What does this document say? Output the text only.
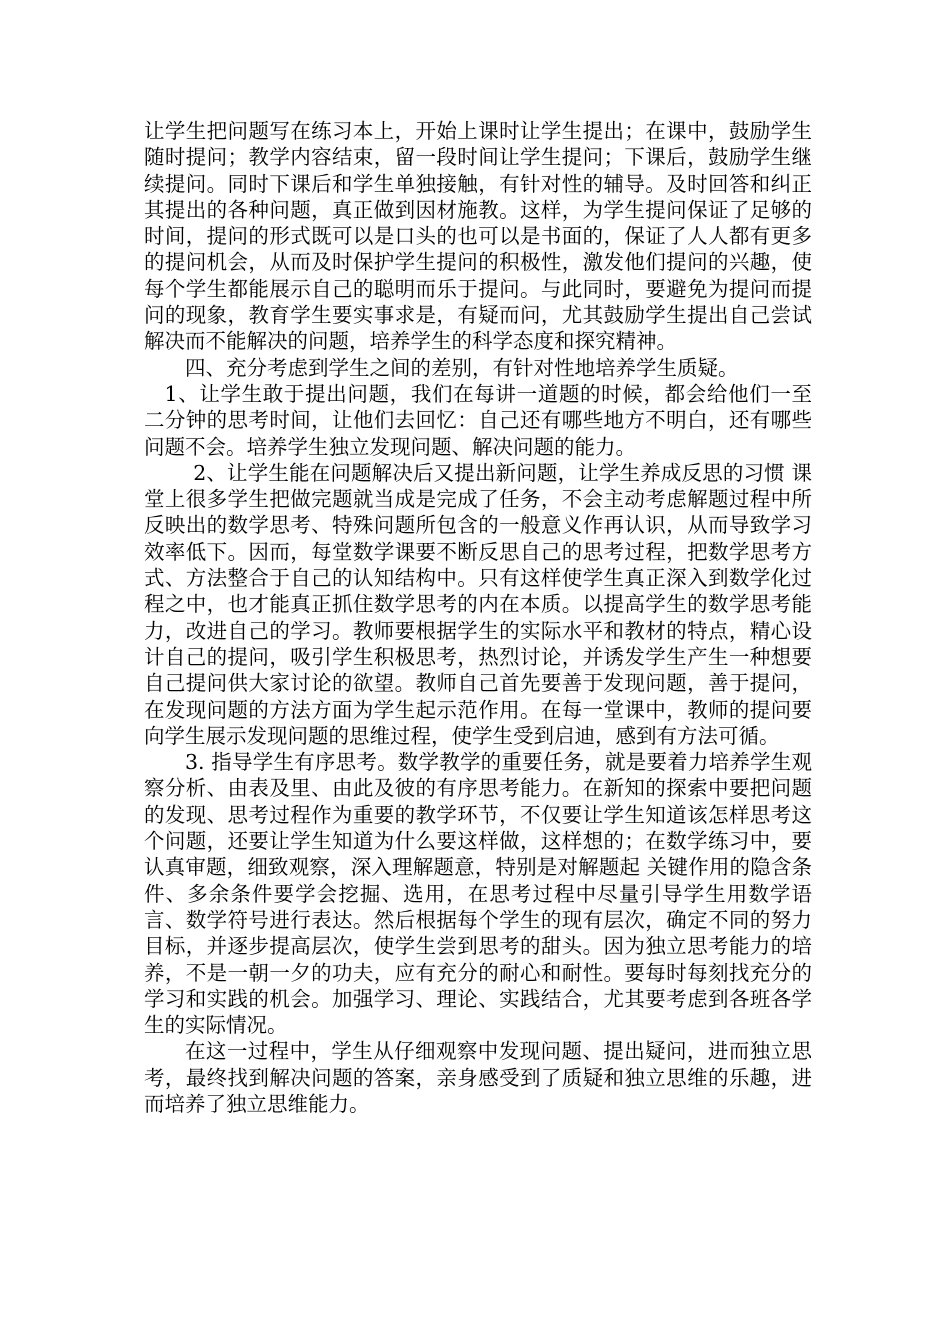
让学生把问题写在练习本上，开始上课时让学生提出；在课中，鼓励学生随时提问；教学内容结束，留一段时间让学生提问；下课后，鼓励学生继续提问。同时下课后和学生单独接触，有针对性的辅导。及时回答和纠正其提出的各种问题，真正做到因材施教。这样，为学生提问保证了足够的时间，提问的形式既可以是口头的也可以是书面的，保证了人人都有更多的提问机会，从而及时保护学生提问的积极性，激发他们提问的兴趣，使每个学生都能展示自己的聪明而乐于提问。与此同时，要避免为提问而提问的现象，教育学生要实事求是，有疑而问，尤其鼓励学生提出自己尝试解决而不能解决的问题，培养学生的科学态度和探究精神。

四、充分考虑到学生之间的差别，有针对性地培养学生质疑。

1、让学生敢于提出问题，我们在每讲一道题的时候，都会给他们一至二分钟的思考时间，让他们去回忆：自己还有哪些地方不明白，还有哪些问题不会。培养学生独立发现问题、解决问题的能力。

2、让学生能在问题解决后又提出新问题，让学生养成反思的习惯 课堂上很多学生把做完题就当成是完成了任务，不会主动考虑解题过程中所反映出的数学思考、特殊问题所包含的一般意义作再认识，从而导致学习效率低下。因而，每堂数学课要不断反思自己的思考过程，把数学思考方式、方法整合于自己的认知结构中。只有这样使学生真正深入到数学化过程之中，也才能真正抓住数学思考的内在本质。以提高学生的数学思考能力，改进自己的学习。教师要根据学生的实际水平和教材的特点，精心设计自己的提问，吸引学生积极思考，热烈讨论，并诱发学生产生一种想要自己提问供大家讨论的欲望。教师自己首先要善于发现问题，善于提问，在发现问题的方法方面为学生起示范作用。在每一堂课中，教师的提问要向学生展示发现问题的思维过程，使学生受到启迪，感到有方法可循。

3. 指导学生有序思考。数学教学的重要任务，就是要着力培养学生观察分析、由表及里、由此及彼的有序思考能力。在新知的探索中要把问题的发现、思考过程作为重要的教学环节，不仅要让学生知道该怎样思考这个问题，还要让学生知道为什么要这样做，这样想的；在数学练习中，要认真审题，细致观察，深入理解题意，特别是对解题起 关键作用的隐含条件、多余条件要学会挖掘、选用，在思考过程中尽量引导学生用数学语言、数学符号进行表达。然后根据每个学生的现有层次，确定不同的努力目标，并逐步提高层次，使学生尝到思考的甜头。因为独立思考能力的培养，不是一朝一夕的功夫，应有充分的耐心和耐性。要每时每刻找充分的学习和实践的机会。加强学习、理论、实践结合，尤其要考虑到各班各学生的实际情况。

在这一过程中，学生从仔细观察中发现问题、提出疑问，进而独立思考，最终找到解决问题的答案，亲身感受到了质疑和独立思维的乐趣，进而培养了独立思维能力。
